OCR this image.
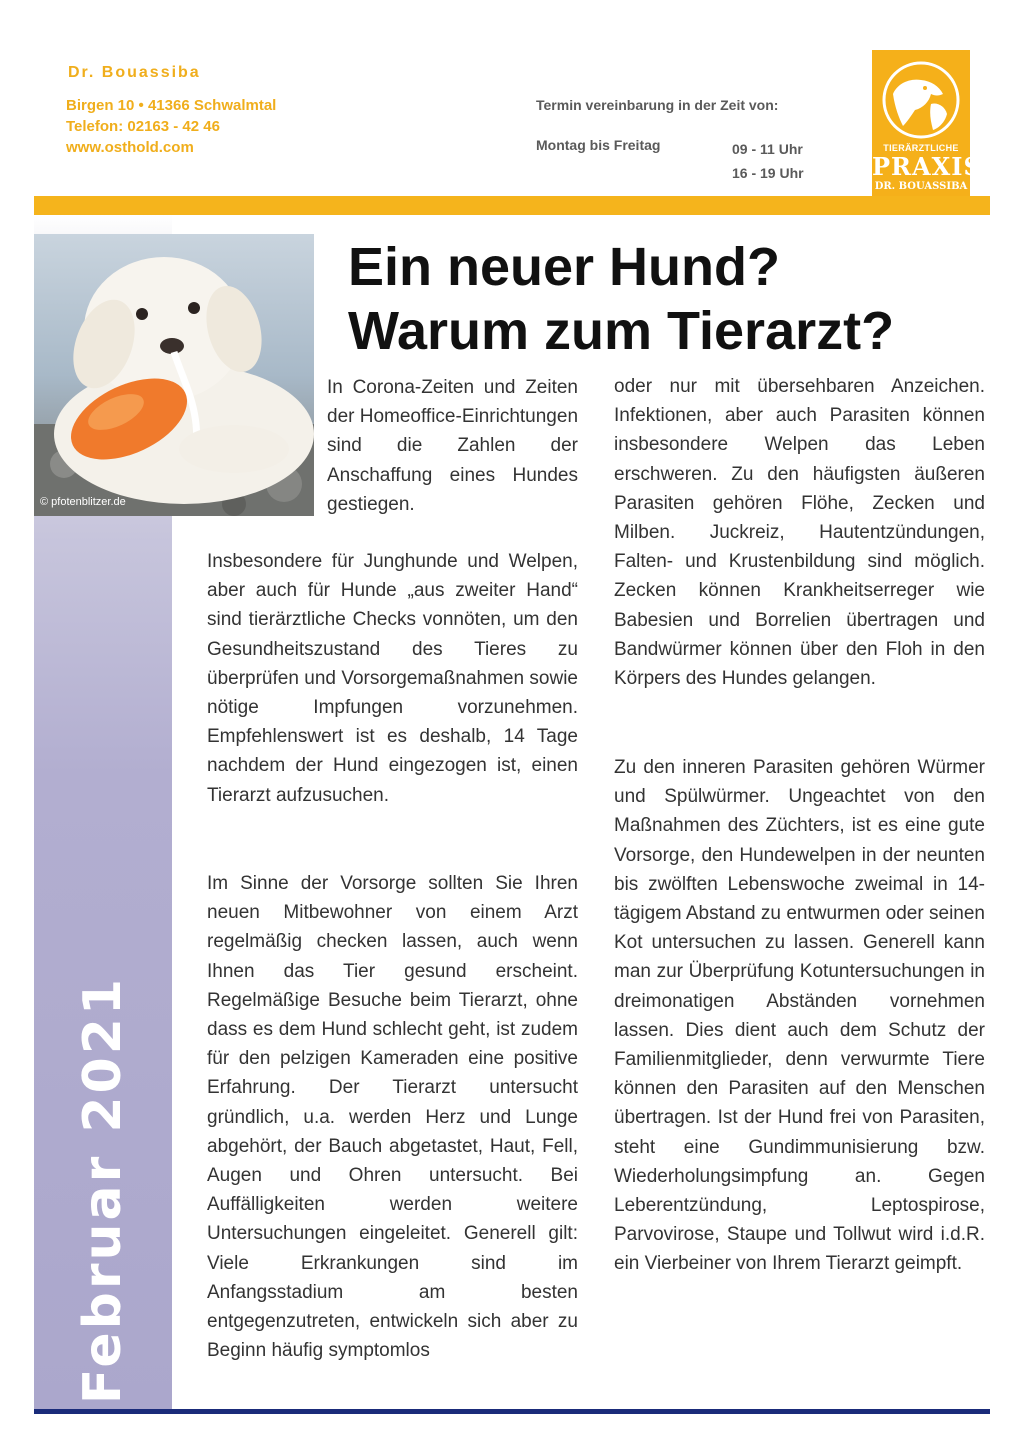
Dr. Bouassiba
Birgen 10 • 41366 Schwalmtal
Telefon: 02163 - 42 46
www.osthold.com
Termin vereinbarung in der Zeit von:
Montag bis Freitag	09 - 11 Uhr
16 - 19 Uhr
TIERÄRZTLICHE
PRAXIS
DR. BOUASSIBA
Februar 2021
© pfotenblitzer.de
Ein neuer Hund?
Warum zum Tierarzt?

In Corona-Zeiten und Zeiten der Homeoffice-Einrichtungen sind die Zahlen der Anschaffung eines Hundes gestiegen.

Insbesondere für Junghunde und Welpen, aber auch für Hunde „aus zweiter Hand“ sind tierärztliche Checks vonnöten, um den Gesundheitszustand des Tieres zu überprüfen und Vorsorgemaßnahmen sowie nötige Impfungen vorzunehmen. Empfehlenswert ist es deshalb, 14 Tage nachdem der Hund eingezogen ist, einen Tierarzt aufzusuchen.

Im Sinne der Vorsorge sollten Sie Ihren neuen Mitbewohner von einem Arzt regelmäßig checken lassen, auch wenn Ihnen das Tier gesund erscheint. Regelmäßige Besuche beim Tierarzt, ohne dass es dem Hund schlecht geht, ist zudem für den pelzigen Kameraden eine positive Erfahrung. Der Tierarzt untersucht gründlich, u.a. werden Herz und Lunge abgehört, der Bauch abgetastet, Haut, Fell, Augen und Ohren untersucht. Bei Auffälligkeiten werden weitere Untersuchungen eingeleitet. Generell gilt: Viele Erkrankungen sind im Anfangsstadium am besten entgegenzutreten, entwickeln sich aber zu Beginn häufig symptomlos

oder nur mit übersehbaren Anzeichen. Infektionen, aber auch Parasiten können insbesondere Welpen das Leben erschweren. Zu den häufigsten äußeren Parasiten gehören Flöhe, Zecken und Milben. Juckreiz, Hautentzündungen, Falten- und Krustenbildung sind möglich. Zecken können Krankheitserreger wie Babesien und Borrelien übertragen und Bandwürmer können über den Floh in den Körpers des Hundes gelangen.

Zu den inneren Parasiten gehören Würmer und Spülwürmer. Ungeachtet von den Maßnahmen des Züchters, ist es eine gute Vorsorge, den Hundewelpen in der neunten bis zwölften Lebenswoche zweimal in 14-tägigem Abstand zu entwurmen oder seinen Kot untersuchen zu lassen. Generell kann man zur Überprüfung Kotuntersuchungen in dreimonatigen Abständen vornehmen lassen. Dies dient auch dem Schutz der Familienmitglieder, denn verwurmte Tiere können den Parasiten auf den Menschen übertragen. Ist der Hund frei von Parasiten, steht eine Gundimmunisierung bzw. Wiederholungsimpfung an. Gegen Leberentzündung, Leptospirose, Parvovirose, Staupe und Tollwut wird i.d.R. ein Vierbeiner von Ihrem Tierarzt geimpft.
